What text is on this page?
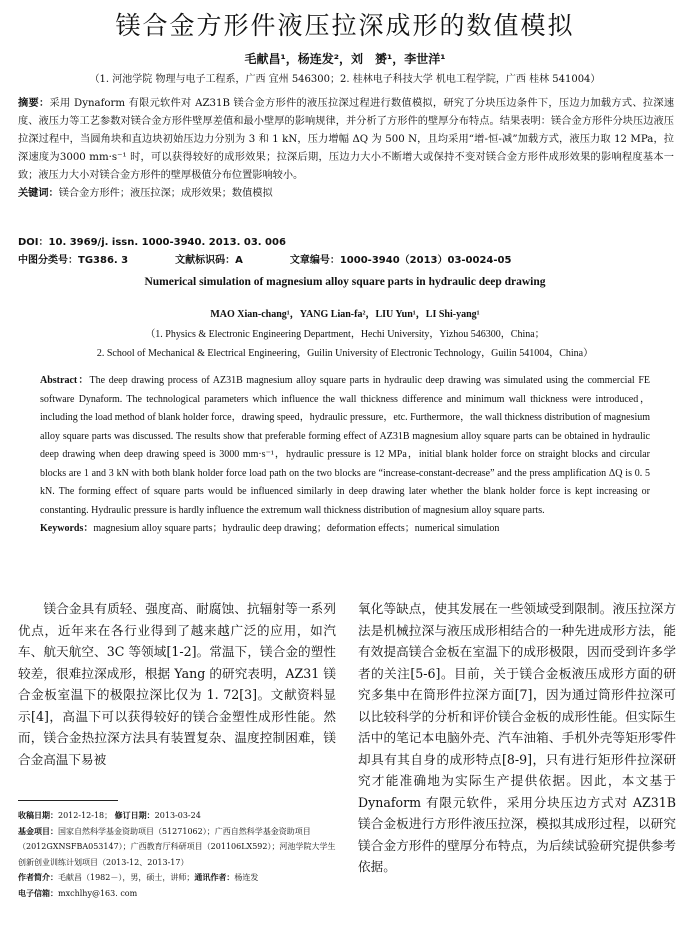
镁合金方形件液压拉深成形的数值模拟
毛献昌¹，杨连发²，刘　赟¹，李世洋¹
（1. 河池学院 物理与电子工程系，广西 宜州 546300；2. 桂林电子科技大学 机电工程学院，广西 桂林 541004）
摘要：采用 Dynaform 有限元软件对 AZ31B 镁合金方形件的液压拉深过程进行数值模拟，研究了分块压边条件下，压边力加载方式、拉深速度、液压力等工艺参数对镁合金方形件壁厚差值和最小壁厚的影响规律，并分析了方形件的壁厚分布特点。结果表明：镁合金方形件分块压边液压拉深过程中，当圆角块和直边块初始压边力分别为 3 和 1 kN，压力增幅 ΔQ 为 500 N，且均采用“增-恒-减”加载方式，液压力取 12 MPa，拉深速度为3000 mm·s⁻¹ 时，可以获得较好的成形效果；拉深后期，压边力大小不断增大或保持不变对镁合金方形件成形效果的影响程度基本一致；液压力大小对镁合金方形件的壁厚极值分布位置影响较小。
关键词：镁合金方形件；液压拉深；成形效果；数值模拟
DOI：10. 3969/j. issn. 1000-3940. 2013. 03. 006
中图分类号：TG386. 3	文献标识码：A	文章编号：1000-3940（2013）03-0024-05
Numerical simulation of magnesium alloy square parts in hydraulic deep drawing
MAO Xian-chang¹，YANG Lian-fa²，LIU Yun¹，LI Shi-yang¹
（1. Physics & Electronic Engineering Department，Hechi University，Yizhou 546300，China；
2. School of Mechanical & Electrical Engineering，Guilin University of Electronic Technology，Guilin 541004，China）
Abstract：The deep drawing process of AZ31B magnesium alloy square parts in hydraulic deep drawing was simulated using the commercial FE software Dynaform. The technological parameters which influence the wall thickness difference and minimum wall thickness were introduced，including the load method of blank holder force，drawing speed，hydraulic pressure，etc. Furthermore，the wall thickness distribution of magnesium alloy square parts was discussed. The results show that preferable forming effect of AZ31B magnesium alloy square parts can be obtained in hydraulic deep drawing when deep drawing speed is 3000 mm·s⁻¹，hydraulic pressure is 12 MPa，initial blank holder force on straight blocks and circular blocks are 1 and 3 kN with both blank holder force load path on the two blocks are “increase-constant-decrease” and the press amplification ΔQ is 0. 5 kN. The forming effect of square parts would be influenced similarly in deep drawing later whether the blank holder force is kept increasing or constanting. Hydraulic pressure is hardly influence the extremum wall thickness distribution of magnesium alloy square parts.
Keywords：magnesium alloy square parts；hydraulic deep drawing；deformation effects；numerical simulation
　　镁合金具有质轻、强度高、耐腐蚀、抗辐射等一系列优点，近年来在各行业得到了越来越广泛的应用，如汽车、航天航空、3C 等领域[1-2]。常温下，镁合金的塑性较差，很难拉深成形，根据 Yang 的研究表明，AZ31 镁合金板室温下的极限拉深比仅为 1. 72[3]。文献资料显示[4]，高温下可以获得较好的镁合金塑性成形性能。然而，镁合金热拉深方法具有装置复杂、温度控制困难，镁合金高温下易被
氧化等缺点，使其发展在一些领域受到限制。液压拉深方法是机械拉深与液压成形相结合的一种先进成形方法，能有效提高镁合金板在室温下的成形极限，因而受到许多学者的关注[5-6]。目前，关于镁合金板液压成形方面的研究多集中在筒形件拉深方面[7]，因为通过筒形件拉深可以比较科学的分析和评价镁合金板的成形性能。但实际生活中的笔记本电脑外壳、汽车油箱、手机外壳等矩形零件却具有其自身的成形特点[8-9]，只有进行矩形件拉深研究才能准确地为实际生产提供依据。因此，本文基于 Dynaform 有限元软件，采用分块压边方式对 AZ31B 镁合金板进行方形件液压拉深，模拟其成形过程，以研究镁合金方形件的壁厚分布特点，为后续试验研究提供参考依据。
收稿日期：2012-12-18； 修订日期：2013-03-24
基金项目：国家自然科学基金资助项目（51271062）；广西自然科学基金资助项目（2012GXNSFBA053147）；广西教育厅科研项目（201106LX592）；河池学院大学生创新创业训练计划项目（2013-12、2013-17）
作者简介：毛献昌（1982－），男，硕士，讲师；通讯作者：杨连发
电子信箱：mxchlhy@163. com
